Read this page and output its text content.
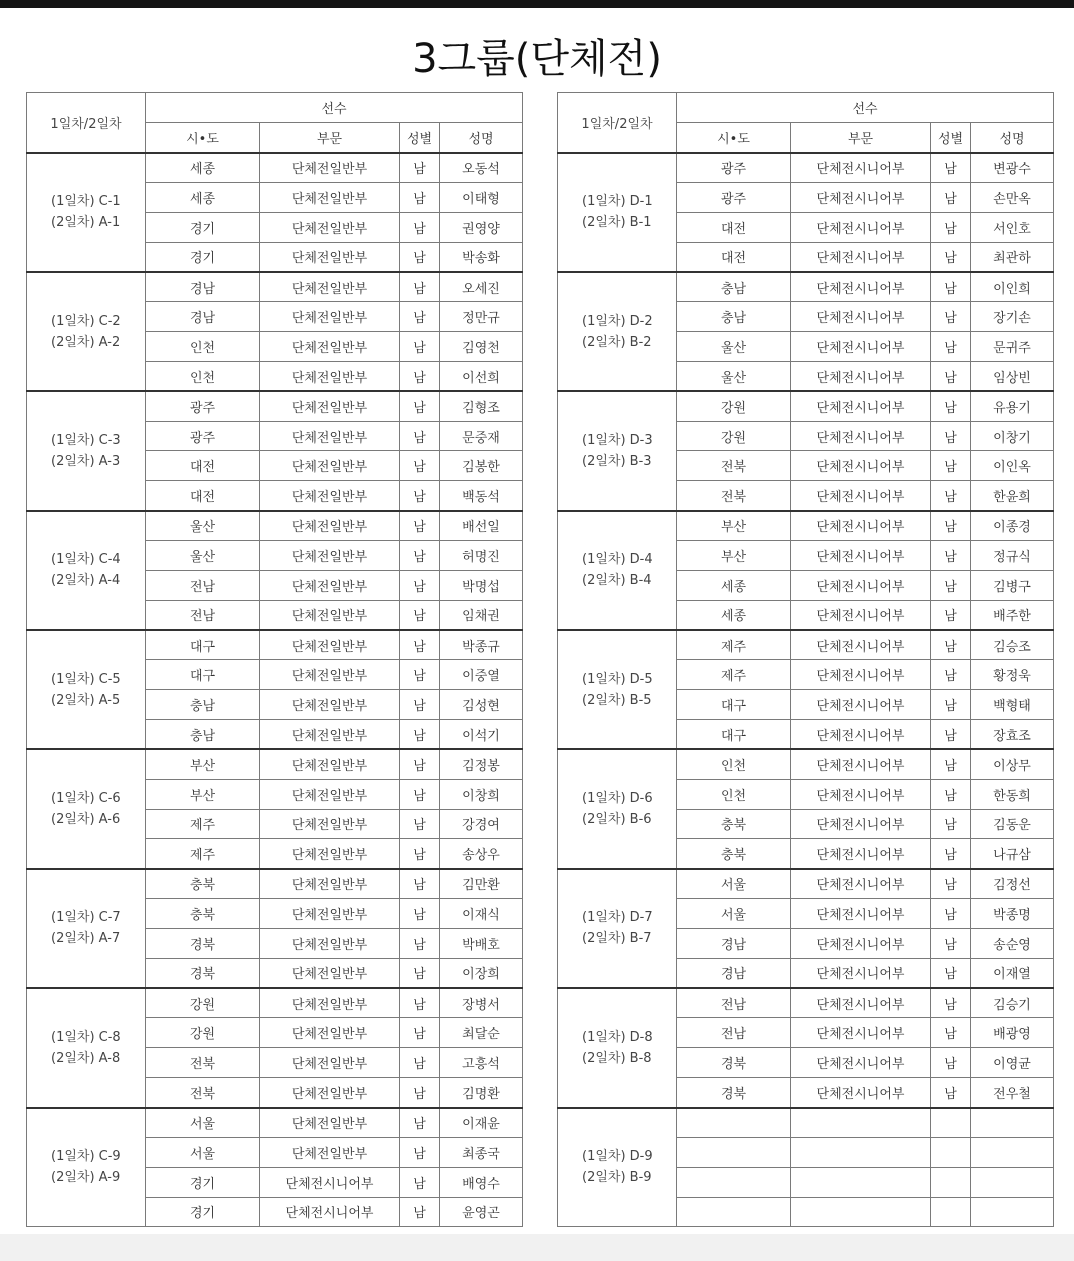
3그룹(단체전)
1일차/2일차	선수			
	시•도	부문	성별	성명

(1일차) C-1
(2일차) A-1	세종	단체전일반부	남	오동석
	세종	단체전일반부	남	이태형
	경기	단체전일반부	남	권영양
	경기	단체전일반부	남	박송화

(1일차) C-2
(2일차) A-2	경남	단체전일반부	남	오세진
	경남	단체전일반부	남	정만규
	인천	단체전일반부	남	김영천
	인천	단체전일반부	남	이선희

(1일차) C-3
(2일차) A-3	광주	단체전일반부	남	김형조
	광주	단체전일반부	남	문중재
	대전	단체전일반부	남	김봉한
	대전	단체전일반부	남	백동석

(1일차) C-4
(2일차) A-4	울산	단체전일반부	남	배선일
	울산	단체전일반부	남	허명진
	전남	단체전일반부	남	박명섭
	전남	단체전일반부	남	임채권

(1일차) C-5
(2일차) A-5	대구	단체전일반부	남	박종규
	대구	단체전일반부	남	이중열
	충남	단체전일반부	남	김성현
	충남	단체전일반부	남	이석기

(1일차) C-6
(2일차) A-6	부산	단체전일반부	남	김정봉
	부산	단체전일반부	남	이창희
	제주	단체전일반부	남	강경여
	제주	단체전일반부	남	송상우

(1일차) C-7
(2일차) A-7	충북	단체전일반부	남	김만환
	충북	단체전일반부	남	이재식
	경북	단체전일반부	남	박배호
	경북	단체전일반부	남	이장희

(1일차) C-8
(2일차) A-8	강원	단체전일반부	남	장병서
	강원	단체전일반부	남	최달순
	전북	단체전일반부	남	고흥석
	전북	단체전일반부	남	김명환

(1일차) C-9
(2일차) A-9	서울	단체전일반부	남	이재윤
	서울	단체전일반부	남	최종국
	경기	단체전시니어부	남	배영수
	경기	단체전시니어부	남	윤영곤
1일차/2일차	선수			
	시•도	부문	성별	성명

(1일차) D-1
(2일차) B-1	광주	단체전시니어부	남	변광수
	광주	단체전시니어부	남	손만옥
	대전	단체전시니어부	남	서인호
	대전	단체전시니어부	남	최관하

(1일차) D-2
(2일차) B-2	충남	단체전시니어부	남	이인희
	충남	단체전시니어부	남	장기손
	울산	단체전시니어부	남	문귀주
	울산	단체전시니어부	남	임상빈

(1일차) D-3
(2일차) B-3	강원	단체전시니어부	남	유용기
	강원	단체전시니어부	남	이창기
	전북	단체전시니어부	남	이인옥
	전북	단체전시니어부	남	한윤희

(1일차) D-4
(2일차) B-4	부산	단체전시니어부	남	이종경
	부산	단체전시니어부	남	정규식
	세종	단체전시니어부	남	김병구
	세종	단체전시니어부	남	배주한

(1일차) D-5
(2일차) B-5	제주	단체전시니어부	남	김승조
	제주	단체전시니어부	남	황정욱
	대구	단체전시니어부	남	백형태
	대구	단체전시니어부	남	장효조

(1일차) D-6
(2일차) B-6	인천	단체전시니어부	남	이상무
	인천	단체전시니어부	남	한동희
	충북	단체전시니어부	남	김동운
	충북	단체전시니어부	남	나규삼

(1일차) D-7
(2일차) B-7	서울	단체전시니어부	남	김정선
	서울	단체전시니어부	남	박종명
	경남	단체전시니어부	남	송순영
	경남	단체전시니어부	남	이재열

(1일차) D-8
(2일차) B-8	전남	단체전시니어부	남	김승기
	전남	단체전시니어부	남	배광영
	경북	단체전시니어부	남	이영균
	경북	단체전시니어부	남	전우철

(1일차) D-9
(2일차) B-9				
